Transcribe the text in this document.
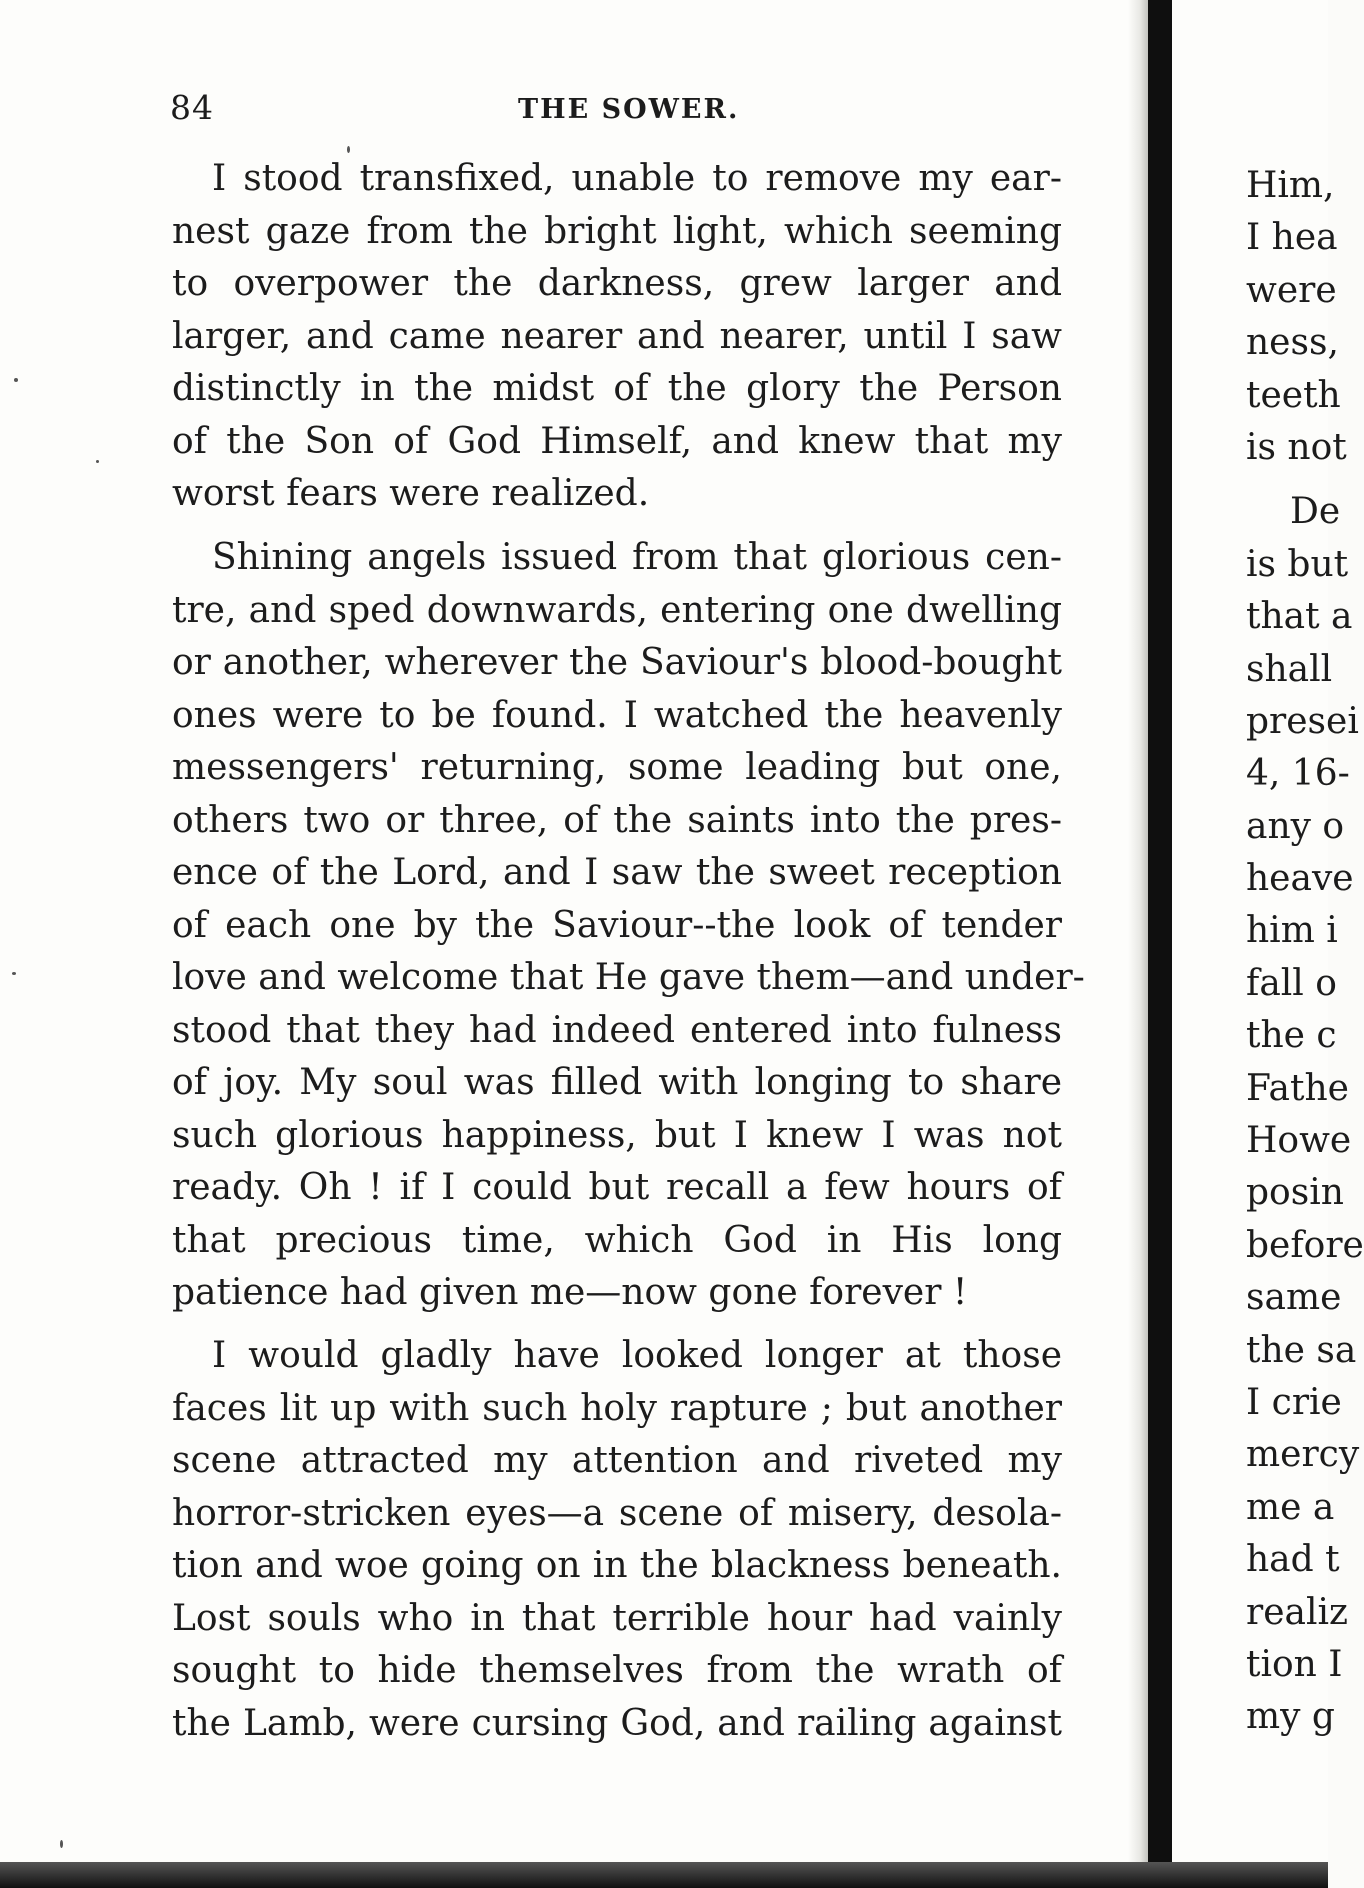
84	THE SOWER.
I stood transfixed, unable to remove my ear-
nest gaze from the bright light, which seeming
to overpower the darkness, grew larger and
larger, and came nearer and nearer, until I saw
distinctly in the midst of the glory the Person
of the Son of God Himself, and knew that my
worst fears were realized.
Shining angels issued from that glorious cen-
tre, and sped downwards, entering one dwelling
or another, wherever the Saviour's blood-bought
ones were to be found. I watched the heavenly
messengers' returning, some leading but one,
others two or three, of the saints into the pres-
ence of the Lord, and I saw the sweet reception
of each one by the Saviour--the look of tender
love and welcome that He gave them—and under-
stood that they had indeed entered into fulness
of joy. My soul was filled with longing to share
such glorious happiness, but I knew I was not
ready. Oh ! if I could but recall a few hours of
that precious time, which God in His long
patience had given me—now gone forever !
I would gladly have looked longer at those
faces lit up with such holy rapture ; but another
scene attracted my attention and riveted my
horror-stricken eyes—a scene of misery, desola-
tion and woe going on in the blackness beneath.
Lost souls who in that terrible hour had vainly
sought to hide themselves from the wrath of
the Lamb, were cursing God, and railing against
Him,
I hea
were
ness,
teeth
is not
De
is but
that a
shall
presei
4, 16-
any o
heave
him i
fall o
the c
Fathe
Howe
posin
before
same
the sa
I crie
mercy
me a
had t
realiz
tion I
my g
